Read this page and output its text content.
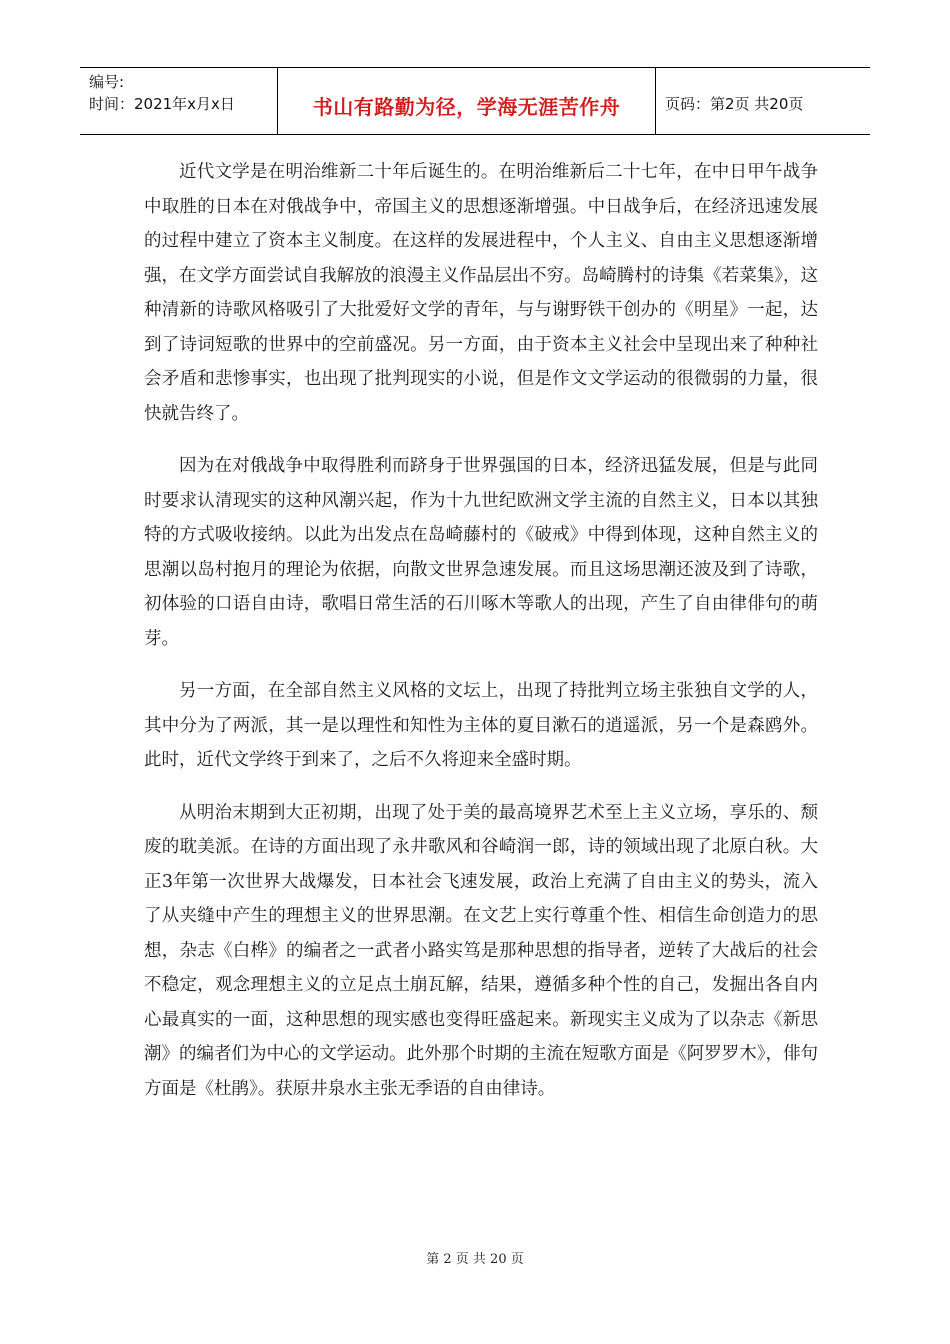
编号:
时间：2021年x月x日	书山有路勤为径，学海无涯苦作舟	页码：第2页 共20页

近代文学是在明治维新二十年后诞生的。在明治维新后二十七年，在中日甲午战争中取胜的日本在对俄战争中，帝国主义的思想逐渐增强。中日战争后，在经济迅速发展的过程中建立了资本主义制度。在这样的发展进程中，个人主义、自由主义思想逐渐增强，在文学方面尝试自我解放的浪漫主义作品层出不穷。岛崎腾村的诗集《若菜集》，这种清新的诗歌风格吸引了大批爱好文学的青年，与与谢野铁干创办的《明星》一起，达到了诗词短歌的世界中的空前盛况。另一方面，由于资本主义社会中呈现出来了种种社会矛盾和悲惨事实，也出现了批判现实的小说，但是作文文学运动的很微弱的力量，很快就告终了。

因为在对俄战争中取得胜利而跻身于世界强国的日本，经济迅猛发展，但是与此同时要求认清现实的这种风潮兴起，作为十九世纪欧洲文学主流的自然主义，日本以其独特的方式吸收接纳。以此为出发点在岛崎藤村的《破戒》中得到体现，这种自然主义的思潮以岛村抱月的理论为依据，向散文世界急速发展。而且这场思潮还波及到了诗歌，初体验的口语自由诗，歌唱日常生活的石川啄木等歌人的出现，产生了自由律俳句的萌芽。

另一方面，在全部自然主义风格的文坛上，出现了持批判立场主张独自文学的人，其中分为了两派，其一是以理性和知性为主体的夏目漱石的逍遥派，另一个是森鸥外。此时，近代文学终于到来了，之后不久将迎来全盛时期。

从明治末期到大正初期，出现了处于美的最高境界艺术至上主义立场，享乐的、颓废的耽美派。在诗的方面出现了永井歌风和谷崎润一郎，诗的领域出现了北原白秋。大正3年第一次世界大战爆发，日本社会飞速发展，政治上充满了自由主义的势头，流入了从夹缝中产生的理想主义的世界思潮。在文艺上实行尊重个性、相信生命创造力的思想，杂志《白桦》的编者之一武者小路实笃是那种思想的指导者，逆转了大战后的社会不稳定，观念理想主义的立足点土崩瓦解，结果，遵循多种个性的自己，发掘出各自内心最真实的一面，这种思想的现实感也变得旺盛起来。新现实主义成为了以杂志《新思潮》的编者们为中心的文学运动。此外那个时期的主流在短歌方面是《阿罗罗木》，俳句方面是《杜鹃》。获原井泉水主张无季语的自由律诗。

第 2 页 共 20 页
